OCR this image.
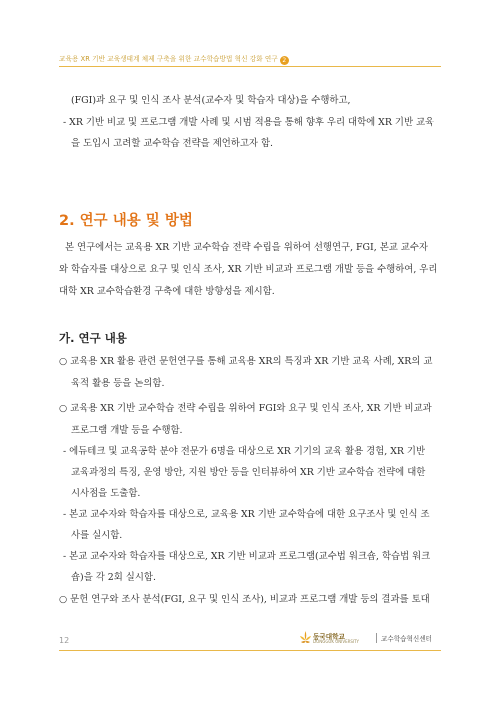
교육용 XR 기반 교육생태계 체제 구축을 위한 교수학습방법 혁신 강화 연구 2
(FGI)과 요구 및 인식 조사 분석(교수자 및 학습자 대상)을 수행하고,
- XR 기반 비교 및 프로그램 개발 사례 및 시범 적용을 통해 향후 우리 대학에 XR 기반 교육
을 도입시 고려할 교수학습 전략을 제언하고자 함.
2. 연구 내용 및 방법
본 연구에서는 교육용 XR 기반 교수학습 전략 수립을 위하여 선행연구, FGI, 본교 교수자
와 학습자를 대상으로 요구 및 인식 조사, XR 기반 비교과 프로그램 개발 등을 수행하여, 우리
대학 XR 교수학습환경 구축에 대한 방향성을 제시함.
가. 연구 내용
○ 교육용 XR 활용 관련 문헌연구를 통해 교육용 XR의 특징과 XR 기반 교육 사례, XR의 교
육적 활용 등을 논의함.
○ 교육용 XR 기반 교수학습 전략 수립을 위하여 FGI와 요구 및 인식 조사, XR 기반 비교과
프로그램 개발 등을 수행함.
- 에듀테크 및 교육공학 분야 전문가 6명을 대상으로 XR 기기의 교육 활용 경험, XR 기반
교육과정의 특징, 운영 방안, 지원 방안 등을 인터뷰하여 XR 기반 교수학습 전략에 대한
시사점을 도출함.
- 본교 교수자와 학습자를 대상으로, 교육용 XR 기반 교수학습에 대한 요구조사 및 인식 조
사를 실시함.
- 본교 교수자와 학습자를 대상으로, XR 기반 비교과 프로그램(교수법 워크숍, 학습법 워크
숍)을 각 2회 실시함.
○ 문헌 연구와 조사 분석(FGI, 요구 및 인식 조사), 비교과 프로그램 개발 등의 결과를 토대
12	동국대학교
DONGGUK UNIVERSITY	교수학습혁신센터
